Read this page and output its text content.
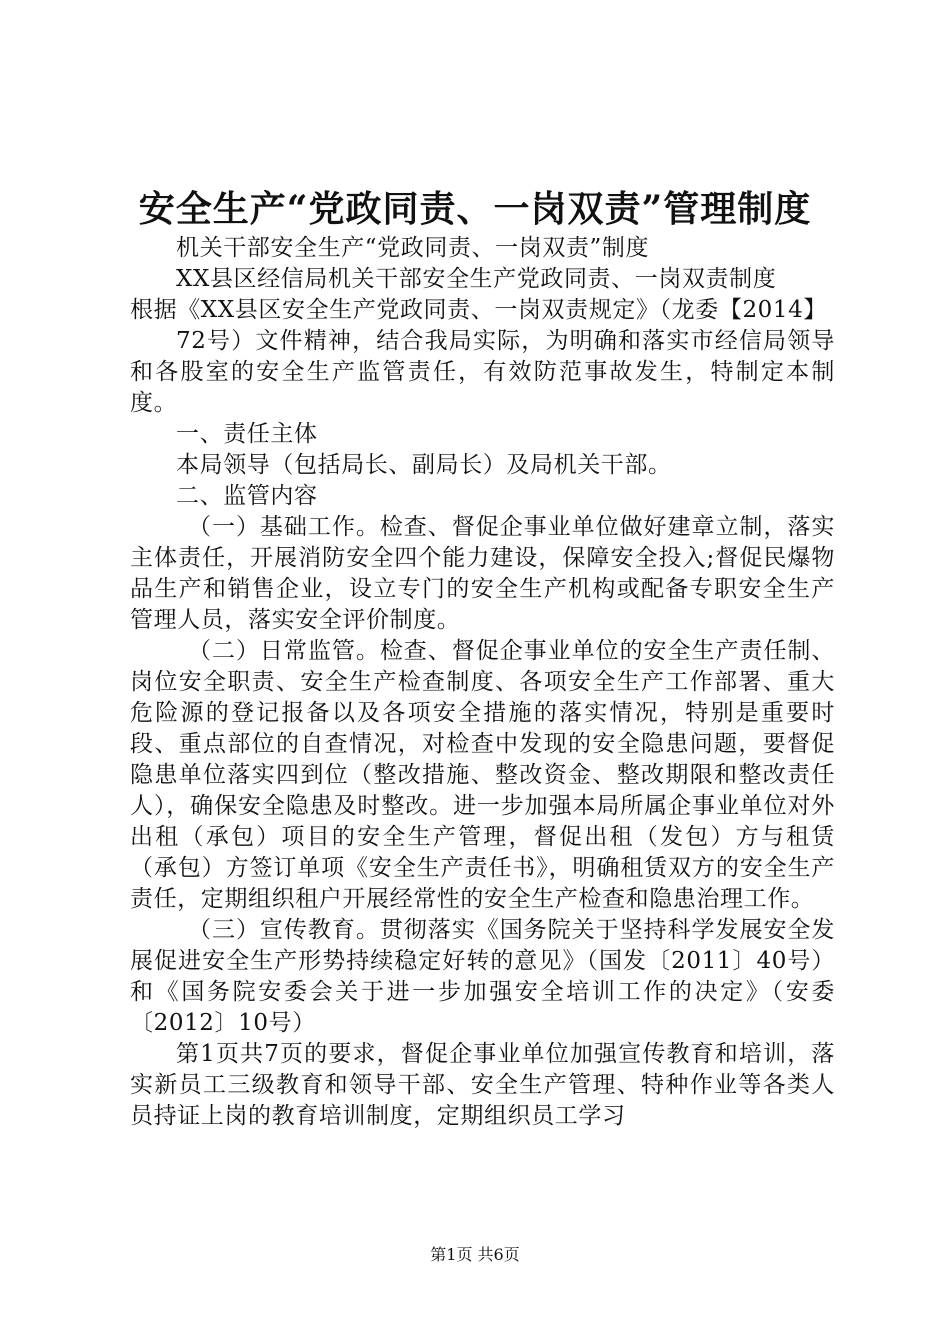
安全生产“党政同责、一岗双责”管理制度

机关干部安全生产“党政同责、一岗双责”制度

XX县区经信局机关干部安全生产党政同责、一岗双责制度

根据《XX县区安全生产党政同责、一岗双责规定》（龙委【2014】

72号）文件精神，结合我局实际，为明确和落实市经信局领导和各股室的安全生产监管责任，有效防范事故发生，特制定本制度。

一、责任主体

本局领导（包括局长、副局长）及局机关干部。

二、监管内容

（一）基础工作。检查、督促企事业单位做好建章立制，落实主体责任，开展消防安全四个能力建设，保障安全投入;督促民爆物品生产和销售企业，设立专门的安全生产机构或配备专职安全生产管理人员，落实安全评价制度。

（二）日常监管。检查、督促企事业单位的安全生产责任制、岗位安全职责、安全生产检查制度、各项安全生产工作部署、重大危险源的登记报备以及各项安全措施的落实情况，特别是重要时段、重点部位的自查情况，对检查中发现的安全隐患问题，要督促隐患单位落实四到位（整改措施、整改资金、整改期限和整改责任人），确保安全隐患及时整改。进一步加强本局所属企事业单位对外出租（承包）项目的安全生产管理，督促出租（发包）方与租赁（承包）方签订单项《安全生产责任书》，明确租赁双方的安全生产责任，定期组织租户开展经常性的安全生产检查和隐患治理工作。

（三）宣传教育。贯彻落实《国务院关于坚持科学发展安全发展促进安全生产形势持续稳定好转的意见》（国发〔2011〕40号）和《国务院安委会关于进一步加强安全培训工作的决定》（安委〔2012〕10号）

第1页共7页的要求，督促企事业单位加强宣传教育和培训，落实新员工三级教育和领导干部、安全生产管理、特种作业等各类人员持证上岗的教育培训制度，定期组织员工学习

第1页 共6页
